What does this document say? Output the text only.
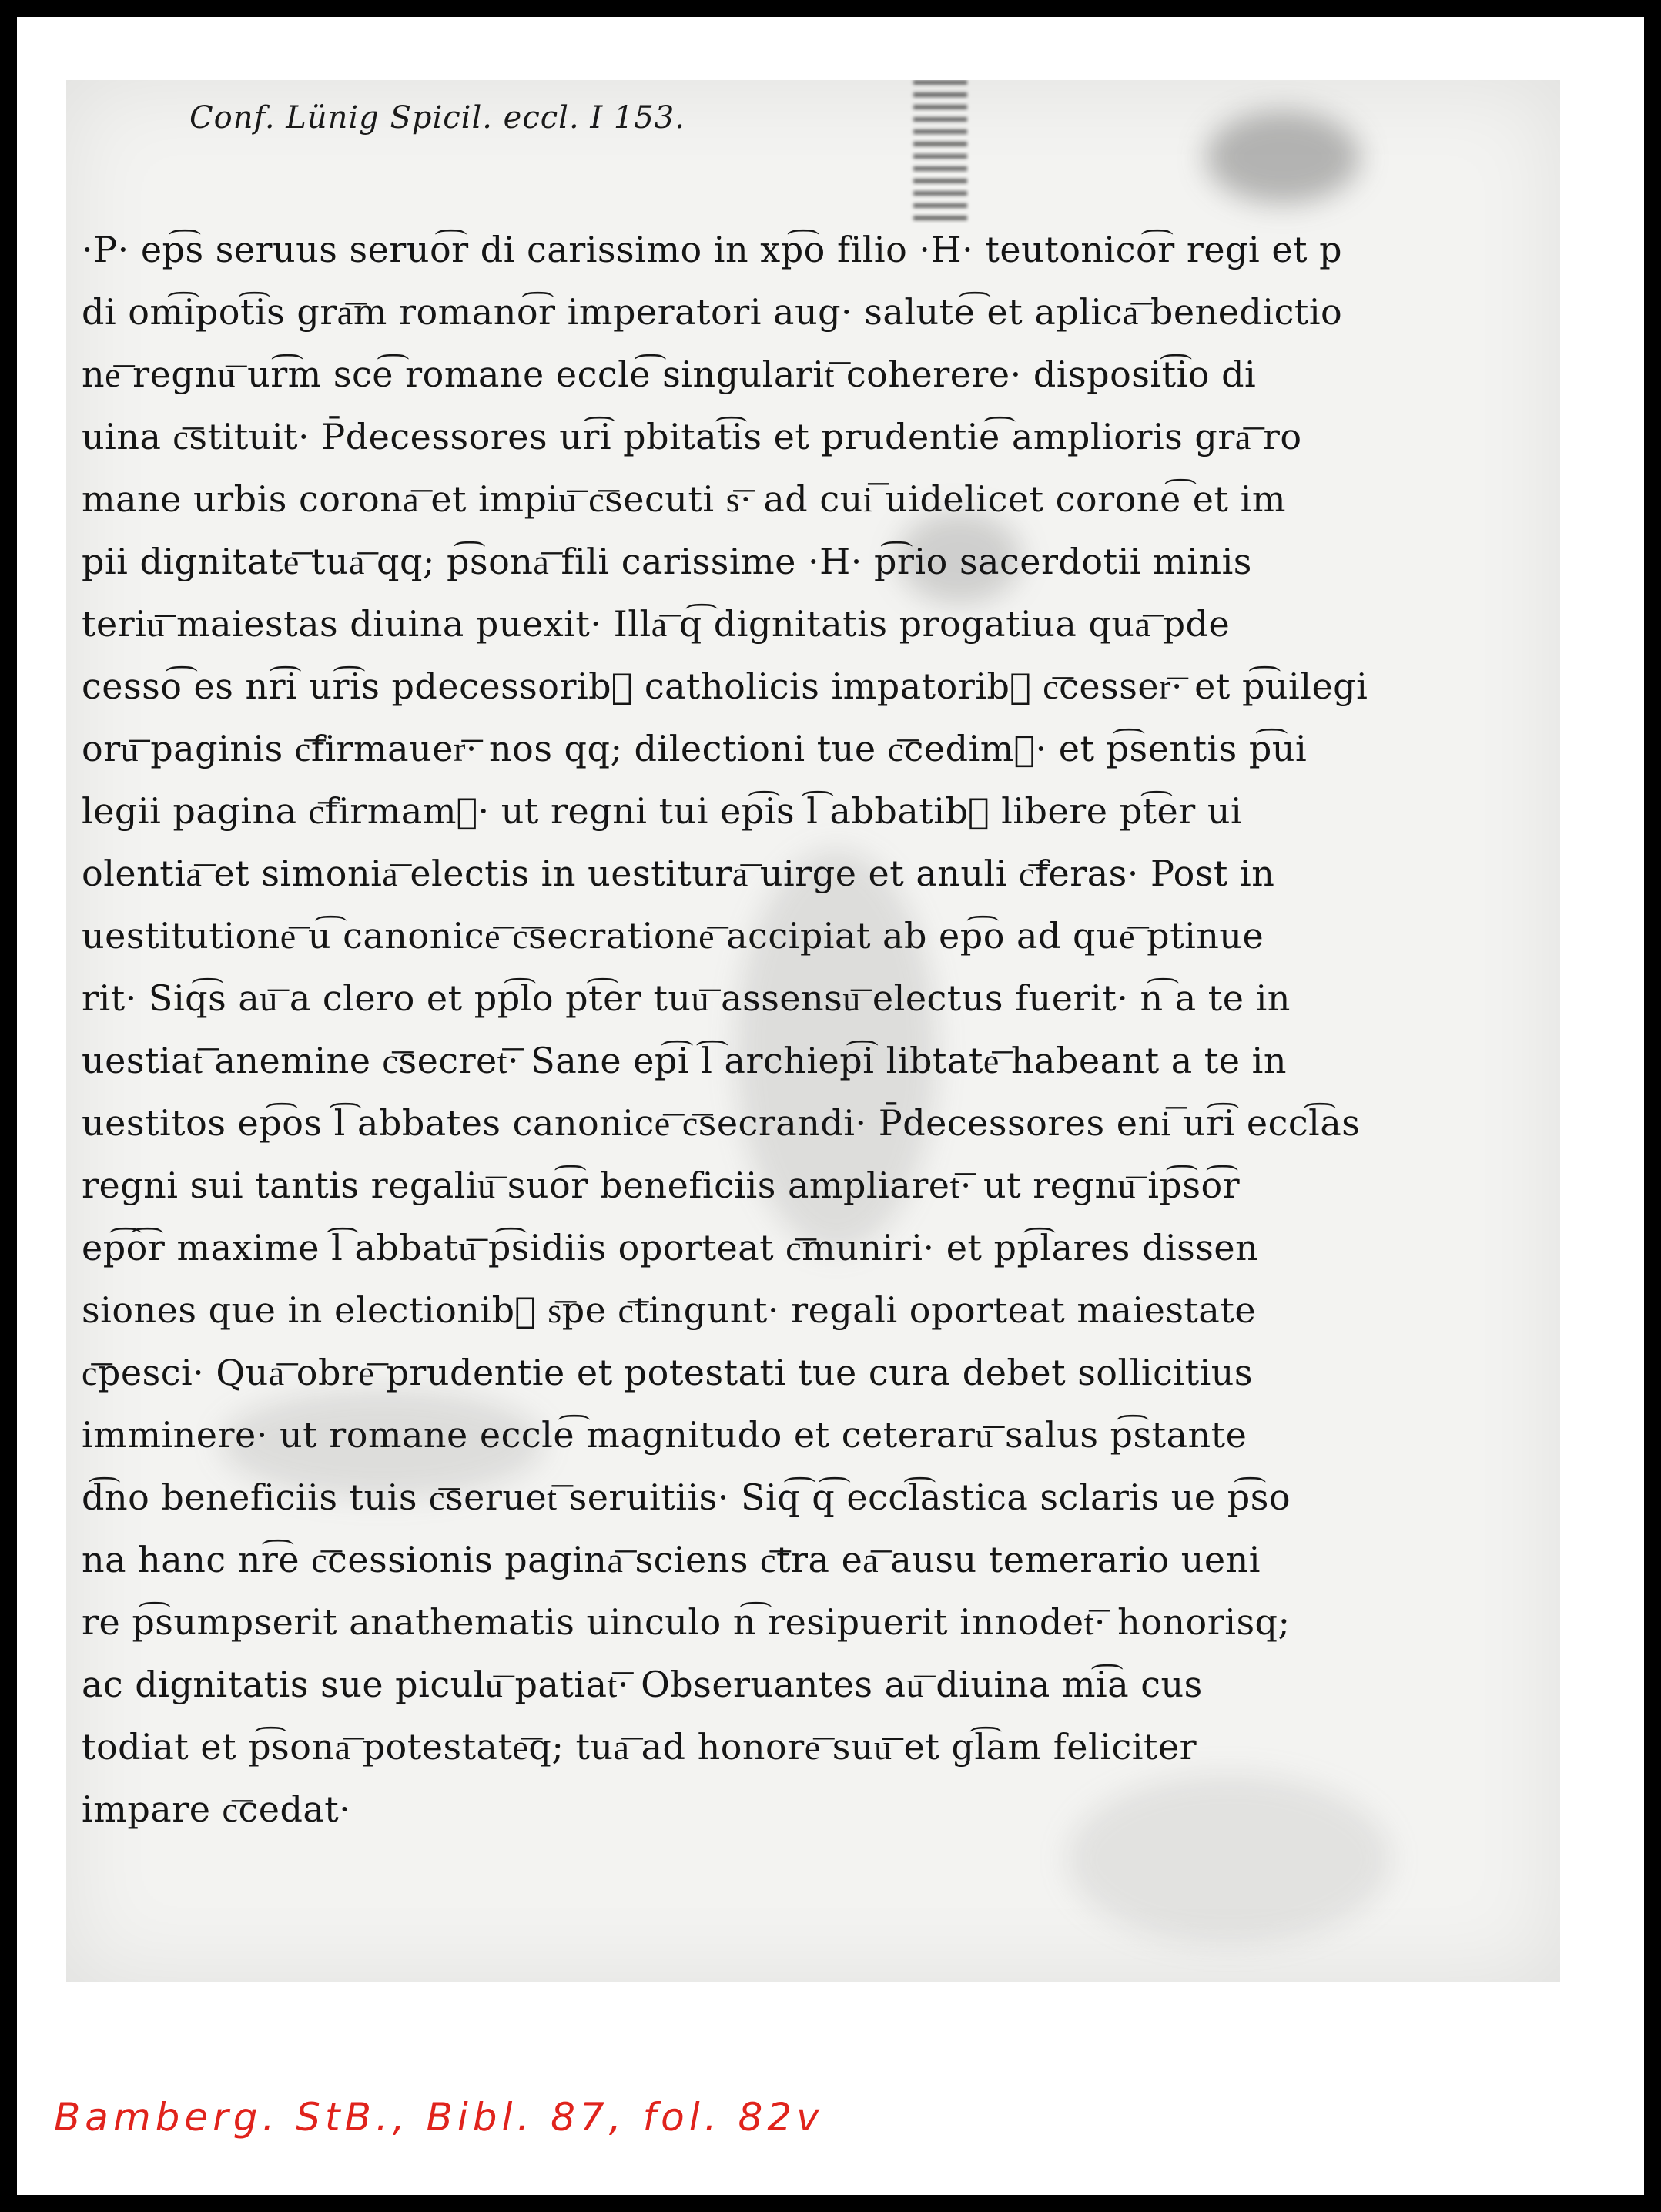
Conf. Lünig Spicil. eccl. I 153.
·P· ep͡s seruus seruo͡r di carissimo in xp͡o filio ·H· teutonico͡r regi et p
di om͡ipot͡is gra͞m romano͡r imperatori aug· salute͡ et aplica͞ benedictio
ne͞ regnu͞ ur͡m sce͡ romane eccle͡ singularit͞ coherere· disposit͡io di
uina c͞stituit· P̄decessores ur͡i pbitat͡is et prudentie͡ amplioris gra͞ ro
mane urbis corona͞ et impiu͞ c͞secuti s͞· ad cui͞ uidelicet corone͡ et im
pii dignitate͞ tua͞ qq; p͡sona͞ fili carissime ·H· p͡rio sacerdotii minis
teriu͞ maiestas diuina puexit· Illa͞ q͡ dignitatis progatiua qua͞ pde
cesso͡ es nr͡i ur͡is pdecessorib᷒ catholicis impatorib᷒ c͞cesser͞· et p͡uilegi
oru͞ paginis c͞firmauer͞· nos qq; dilectioni tue c͞cedim᷒· et p͡sentis p͡ui
legii pagina c͞firmam᷒· ut regni tui ep͡is l͡ abbatib᷒ libere pt͡er ui
olentia͞ et simonia͞ electis in uestitura͞ uirge et anuli c͞feras· Post in
uestitutione͞ u͡ canonice͞ c͞secratione͞ accipiat ab ep͡o ad que͞ ptinue
rit· Siq͡s au͞ a clero et pp͡lo pt͡er tuu͞ assensu͞ electus fuerit· n͡ a te in
uestiat͞ anemine c͞secret͞· Sane ep͡i l͡ archiep͡i libtate͞ habeant a te in
uestitos ep͡os l͡ abbates canonice͞ c͞secrandi· P̄decessores eni͞ ur͡i eccl͡as
regni sui tantis regaliu͞ suo͡r beneficiis ampliaret͞· ut regnu͞ ip͡so͡r
ep͡o͡r maxime l͡ abbatu͞ p͡sidiis oporteat c͞muniri· et pp͡lares dissen
siones que in electionib᷒ s͞pe c͞tingunt· regali oporteat maiestate
c͞pesci· Qua͞ obre͞ prudentie et potestati tue cura debet sollicitius
imminere· ut romane eccle͡ magnitudo et ceteraru͞ salus p͡stante
d͡no beneficiis tuis c͞seruet͞ seruitiis· Siq͡ q͡ eccl͡astica sclaris ue p͡so
na hanc nr͡e c͞cessionis pagina͞ sciens c͞tra ea͞ ausu temerario ueni
re p͡sumpserit anathematis uinculo n͡ resipuerit innodet͞· honorisq;
ac dignitatis sue piculu͞ patiat͞· Obseruantes au͞ diuina mi͡a cus
todiat et p͡sona͞ potestate͞q; tua͞ ad honore͞ suu͞ et gl͡am feliciter
impare c͞cedat·
Bamberg. StB., Bibl. 87, fol. 82v
